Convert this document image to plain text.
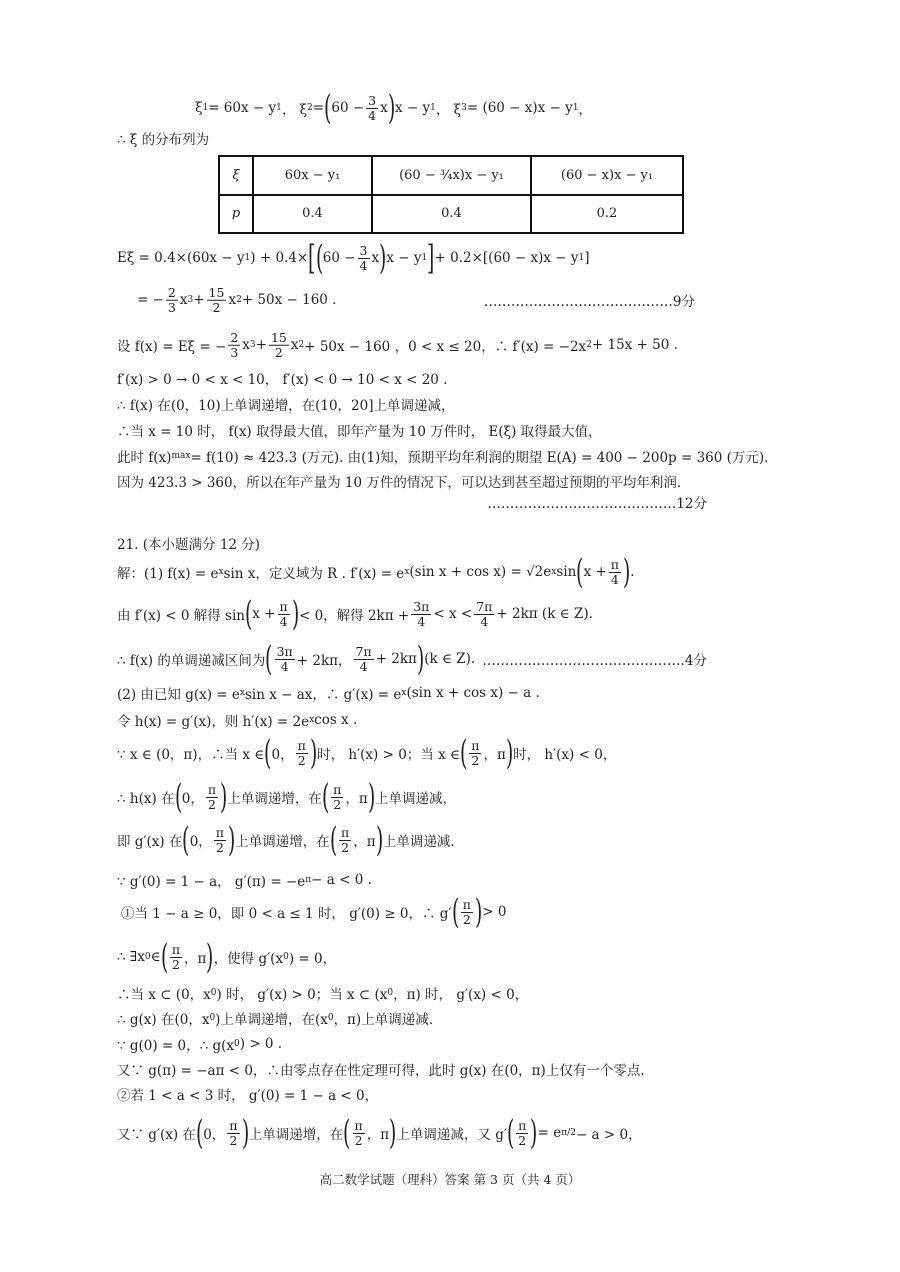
ξ 1 = 60x − y 1 ， ξ 2 = ( $60 - \frac{3}{4}$ x ) x − y 1 ， ξ 3 = (60 − x)x − y 1 ，
∴ ξ 的分布列为
Eξ = 0.4×(60x − y 1 ) + 0.4× [ ( $60 - \frac{3}{4}$ x ) x − y 1 ] + 0.2×[(60 − x)x − y 1 ]
= − $\frac{2}{3}$ x $3 + \frac{15}{2}$ x 2 + 50x − 160 .
设 f(x) = Eξ = − $\frac{2}{3}$ x $3 + \frac{15}{2}$ x 2 + 50x − 160 ，0 < x ≤ 20，∴ f′(x) = −2x 2 + 15x + 50 .
f′(x) > 0 → 0 < x < 10， f′(x) < 0 → 10 < x < 20 .
∴ f(x) 在(0，10)上单调递增，在(10，20]上单调递减，
∴当 x = 10 时， f(x) 取得最大值，即年产量为 10 万件时， E(ξ) 取得最大值，
此时 f(x) max = f(10) ≈ 423.3 (万元). 由(1)知，预期平均年利润的期望 E(A) = 400 − 200p = 360 (万元).
因为 423.3 > 360，所以在年产量为 10 万件的情况下，可以达到甚至超过预期的平均年利润.
21. (本小题满分 12 分)
解：(1) f(x) = e x sin x，定义域为 R . f′(x) = e x (sin x + cos x) = √2e x sin ( $x + \frac{\pi}{4}$ ) .
由 f′(x) < 0 解得 sin ( $x + \frac{\pi}{4}$ ) < 0，解得 $2k\pi + \frac{3\pi}{4} < x < \frac{7\pi}{4} + 2k\pi$ (k ∈ Z).
∴ f(x) 的单调递减区间为 ( $\frac{3\pi}{4} + 2k\pi$， $\frac{7\pi}{4} + 2k\pi$ ) (k ∈ Z).
(2) 由已知 g(x) = e x sin x − ax，∴ g′(x) = e x (sin x + cos x) − a .
令 h(x) = g′(x)，则 h′(x) = 2e x cos x .
∵ x ∈ (0，π)，∴当 x ∈ ( 0， $\frac{\pi}{2}$ ) 时， h′(x) > 0；当 x ∈ ( $\frac{\pi}{2}$ ，π ) 时， h′(x) < 0，
∴ h(x) 在 ( 0， $\frac{\pi}{2}$ ) 上单调递增，在 ( $\frac{\pi}{2}$ ，π ) 上单调递减，
即 g′(x) 在 ( 0， $\frac{\pi}{2}$ ) 上单调递增，在 ( $\frac{\pi}{2}$ ，π ) 上单调递减.
∵ g′(0) = 1 − a， g′(π) = −e π − a < 0 .
①当 1 − a ≥ 0，即 0 < a ≤ 1 时， g′(0) ≥ 0，∴ g′ ( $\frac{\pi}{2}$ ) > 0
∴ ∃x 0 ∈ ( $\frac{\pi}{2}$ ，π ) ，使得 g′(x 0 ) = 0，
∴当 x ⊂ (0，x 0 ) 时， g′(x) > 0；当 x ⊂ (x 0 ，π) 时， g′(x) < 0，
∴ g(x) 在(0，x 0 )上单调递增，在(x 0 ，π)上单调递减.
∵ g(0) = 0，∴ g(x 0 ) > 0 .
又∵ g(π) = −aπ < 0，∴由零点存在性定理可得，此时 g(x) 在(0，π)上仅有一个零点.
②若 1 < a < 3 时， g′(0) = 1 − a < 0，
又∵ g′(x) 在 ( 0， $\frac{\pi}{2}$ ) 上单调递增，在 ( $\frac{\pi}{2}$ ，π ) 上单调递减，又 g′ ( $\frac{\pi}{2}$ ) = e π/2 − a > 0，
……………………………………9分
……………………………………12分
………………………………………4分
ξ	60x − y₁	(60 − ¾x)x − y₁	(60 − x)x − y₁
p	0.4	0.4	0.2
高二数学试题（理科）答案 第 3 页（共 4 页）
